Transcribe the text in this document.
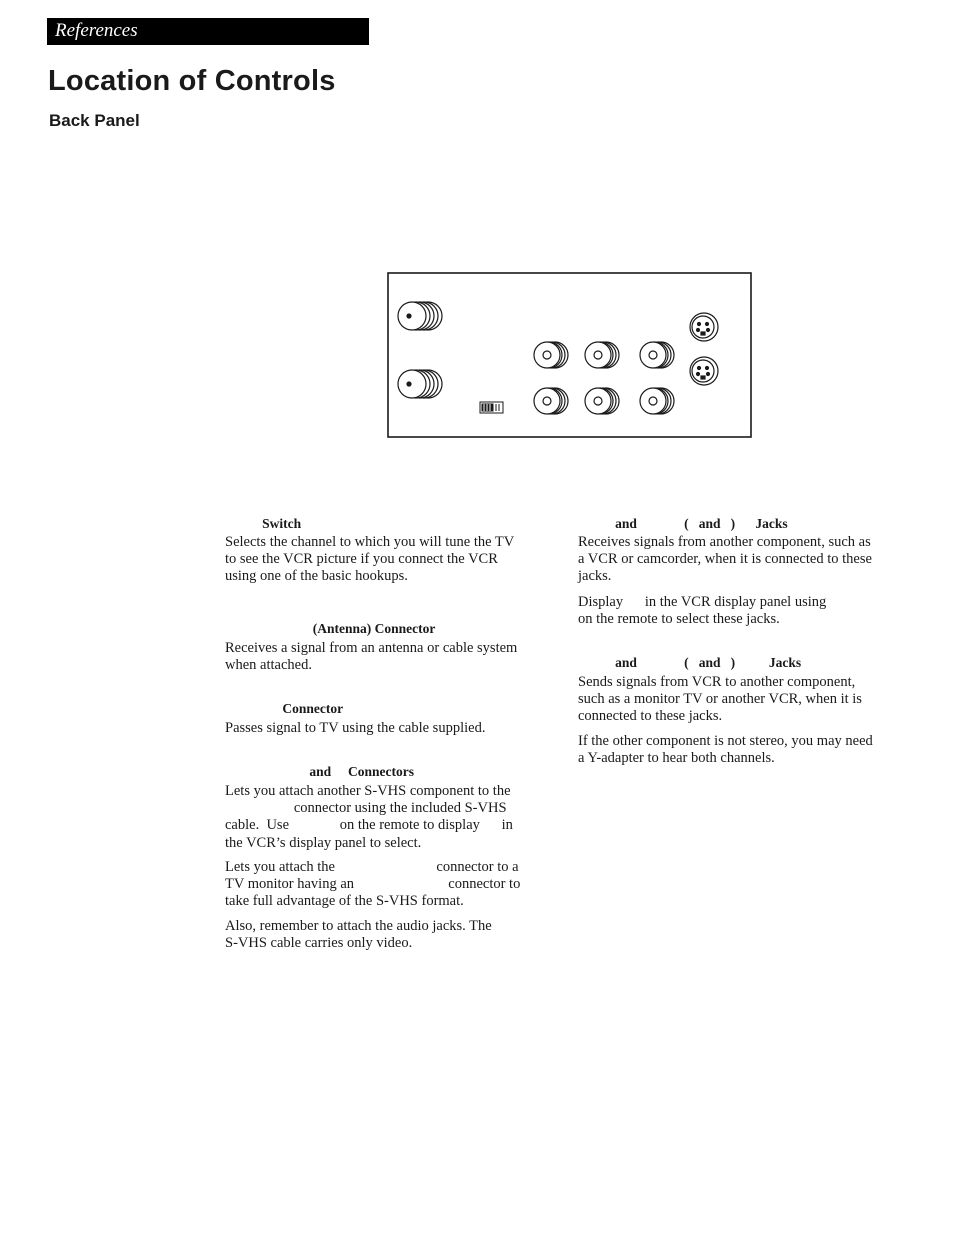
References
Location of Controls
Back Panel
Switch
Selects the channel to which you will tune the TV
to see the VCR picture if you connect the VCR
using one of the basic hookups.
(Antenna) Connector
Receives a signal from an antenna or cable system
when attached.
Connector
Passes signal to TV using the cable supplied.
and     Connectors
Lets you attach another S-VHS component to the
connector using the included S-VHS
cable.  Use              on the remote to display      in
the VCR’s display panel to select.
Lets you attach the                            connector to a
TV monitor having an                          connector to
take full advantage of the S-VHS format.
Also, remember to attach the audio jacks. The
S-VHS cable carries only video.
and              (   and   )      Jacks
Receives signals from another component, such as
a VCR or camcorder, when it is connected to these
jacks.
Display      in the VCR display panel using
on the remote to select these jacks.
and              (   and   )          Jacks
Sends signals from VCR to another component,
such as a monitor TV or another VCR, when it is
connected to these jacks.
If the other component is not stereo, you may need
a Y-adapter to hear both channels.
